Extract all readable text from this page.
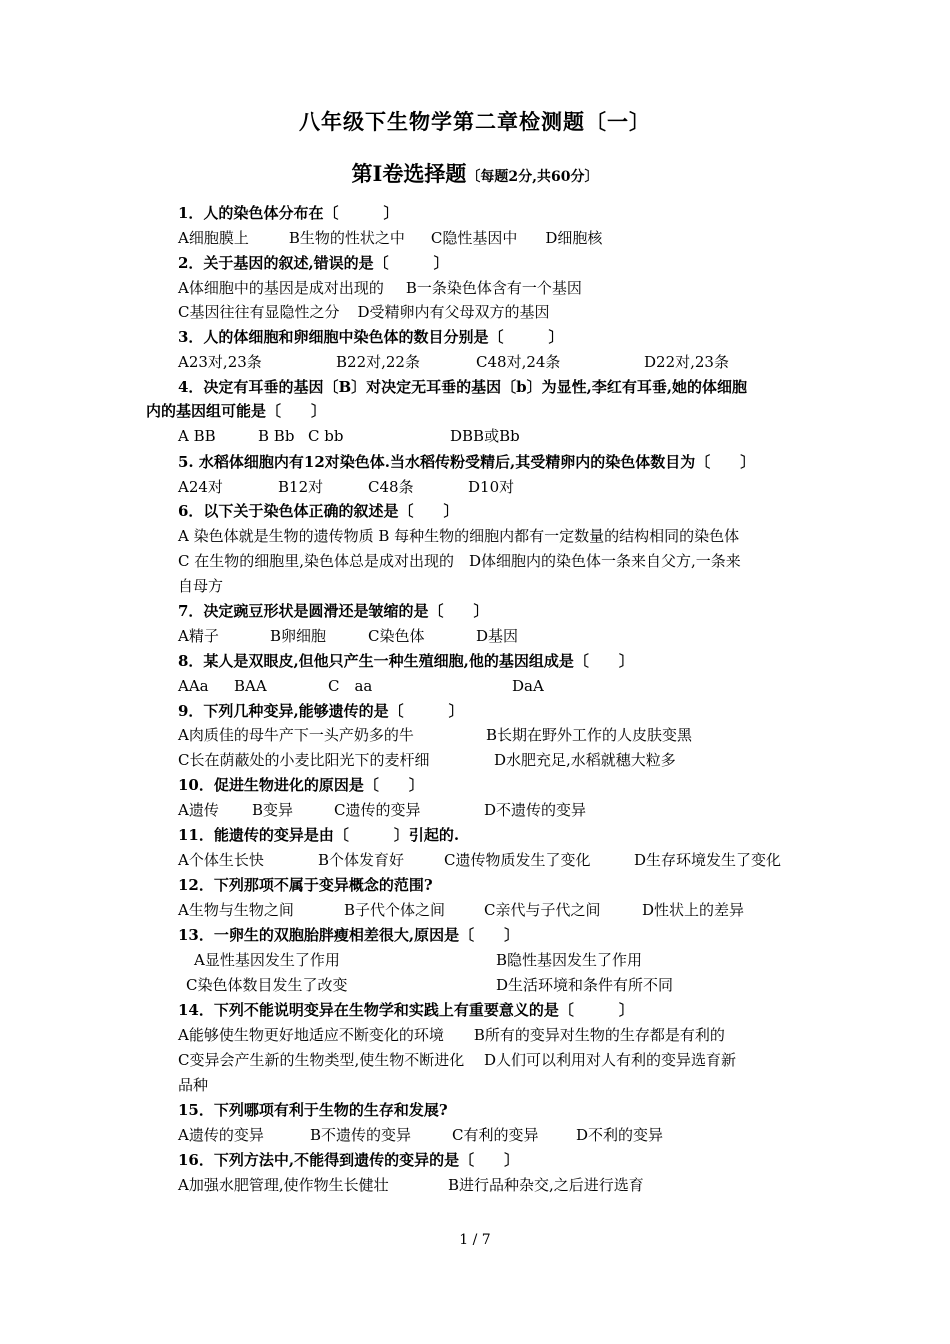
八年级下生物学第二章检测题〔一〕
第Ⅰ卷选择题〔每题2分,共60分〕
1．人的染色体分布在〔　　　〕
A细胞膜上	B生物的性状之中 C隐性基因中 D细胞核
2．关于基因的叙述,错误的是〔　　　〕
A体细胞中的基因是成对出现的 B一条染色体含有一个基因
C基因往往有显隐性之分 D受精卵内有父母双方的基因
3．人的体细胞和卵细胞中染色体的数目分别是〔　　　〕
A23对,23条	B22对,22条	C48对,24条	D22对,23条
4．决定有耳垂的基因〔B〕对决定无耳垂的基因〔b〕为显性,李红有耳垂,她的体细胞
内的基因组可能是〔　　〕
A BB	B Bb C bb	DBB或Bb
5. 水稻体细胞内有12对染色体.当水稻传粉受精后,其受精卵内的染色体数目为〔　　〕
A24对	B12对	C48条	D10对
6．以下关于染色体正确的叙述是〔　　〕
A 染色体就是生物的遗传物质 B 每种生物的细胞内都有一定数量的结构相同的染色体
C 在生物的细胞里,染色体总是成对出现的　D体细胞内的染色体一条来自父方,一条来
自母方
7．决定豌豆形状是圆滑还是皱缩的是〔　　〕
A精子	B卵细胞	C染色体	D基因
8．某人是双眼皮,但他只产生一种生殖细胞,他的基因组成是〔　　〕
AAa BAA	C　aa	DaA
9．下列几种变异,能够遗传的是〔　　　〕
A肉质佳的母牛产下一头产奶多的牛	B长期在野外工作的人皮肤变黑
C长在荫蔽处的小麦比阳光下的麦杆细	D水肥充足,水稻就穗大粒多
10．促进生物进化的原因是〔　　〕
A遗传 B变异	C遗传的变异	D不遗传的变异
11．能遗传的变异是由〔　　　〕引起的.
A个体生长快	B个体发育好	C遗传物质发生了变化	D生存环境发生了变化
12．下列那项不属于变异概念的范围?
A生物与生物之间	B子代个体之间	C亲代与子代之间	D性状上的差异
13．一卵生的双胞胎胖瘦相差很大,原因是〔　　〕
A显性基因发生了作用	B隐性基因发生了作用
C染色体数目发生了改变	D生活环境和条件有所不同
14．下列不能说明变异在生物学和实践上有重要意义的是〔　　　〕
A能够使生物更好地适应不断变化的环境　　B所有的变异对生物的生存都是有利的
C变异会产生新的生物类型,使生物不断进化　 D人们可以利用对人有利的变异选育新
品种
15．下列哪项有利于生物的生存和发展?
A遗传的变异	B不遗传的变异	C有利的变异	D不利的变异
16．下列方法中,不能得到遗传的变异的是〔　　〕
A加强水肥管理,使作物生长健壮	B进行品种杂交,之后进行选育
1 / 7
